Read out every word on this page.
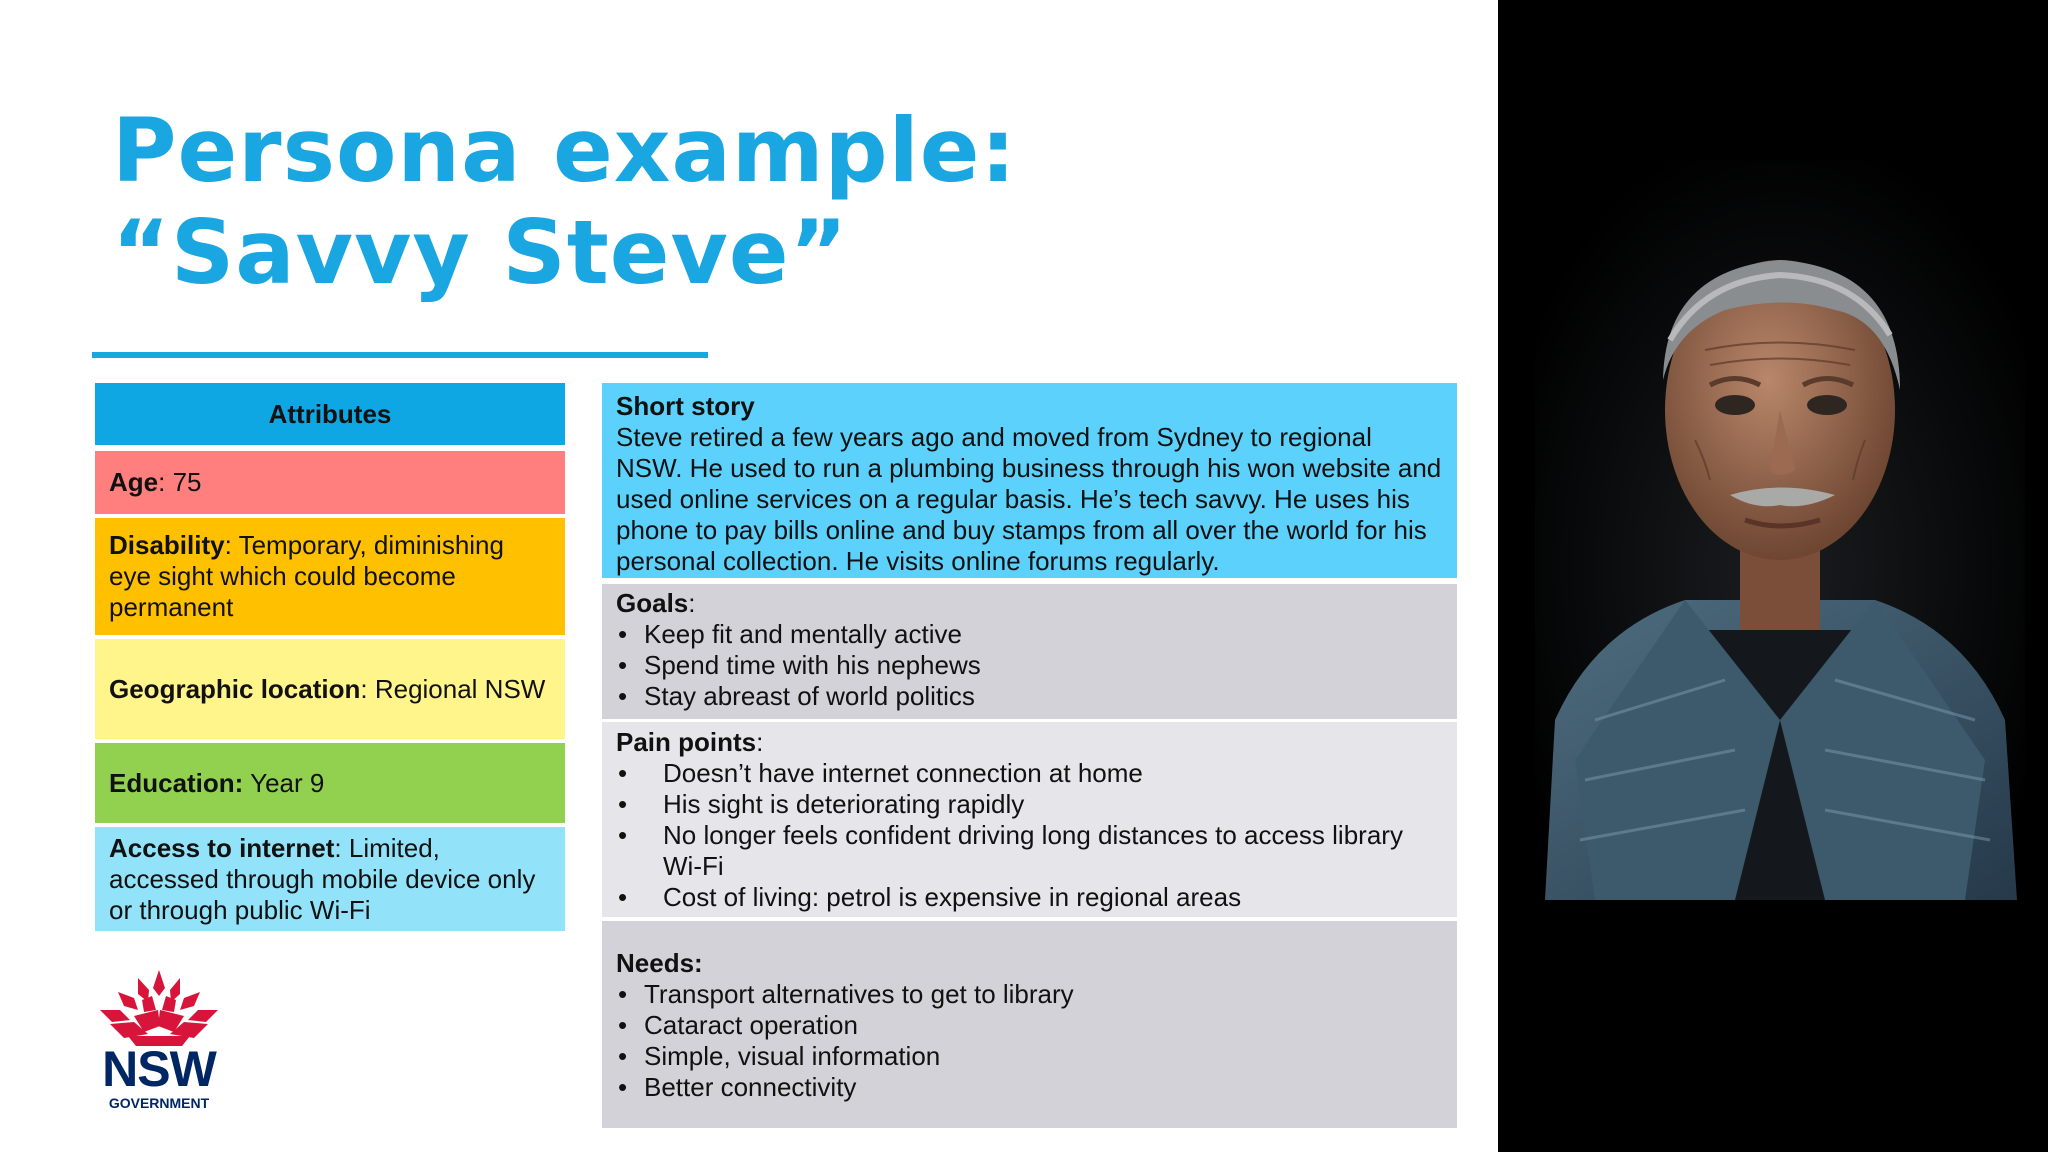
Persona example:
“Savvy Steve”
Attributes
Age: 75
Disability: Temporary, diminishing eye sight which could become permanent
Geographic location: Regional NSW
Education: Year 9
Access to internet: Limited, accessed through mobile device only or through public Wi-Fi
Short story
Steve retired a few years ago and moved from Sydney to regional NSW. He used to run a plumbing business through his won website and used online services on a regular basis. He’s tech savvy. He uses his phone to pay bills online and buy stamps from all over the world for his personal collection. He visits online forums regularly.
Goals:
• Keep fit and mentally active
• Spend time with his nephews
• Stay abreast of world politics
Pain points:
• Doesn’t have internet connection at home
• His sight is deteriorating rapidly
• No longer feels confident driving long distances to access library Wi-Fi
• Cost of living: petrol is expensive in regional areas
Needs:
• Transport alternatives to get to library
• Cataract operation
• Simple, visual information
• Better connectivity
NSW
GOVERNMENT
